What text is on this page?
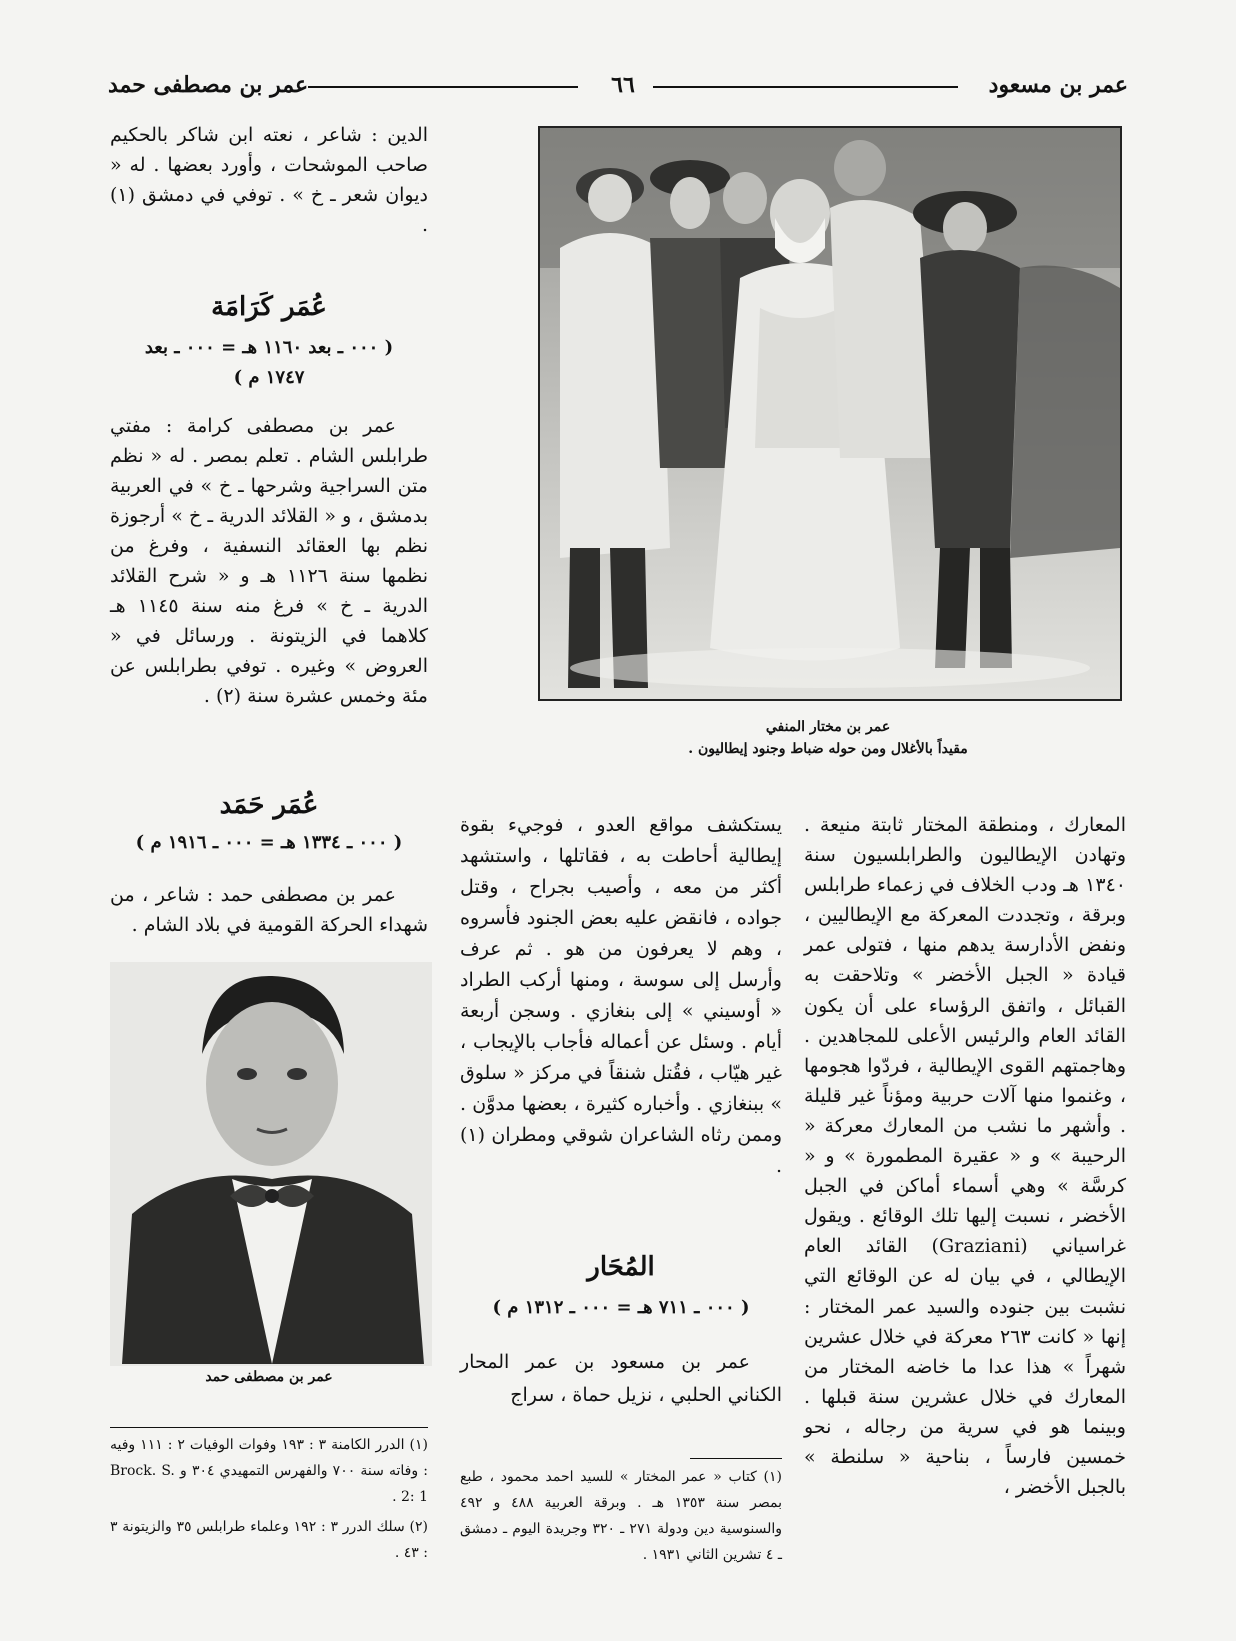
عمر بن مسعود
٦٦
عمر بن مصطفى حمد
الدين : شاعر ، نعته ابن شاكر بالحكيم صاحب الموشحات ، وأورد بعضها . له « ديوان شعر ـ خ » . توفي في دمشق (١) .
عُمَر كَرَامَة
( ٠٠٠ ـ بعد ١١٦٠ هـ = ٠٠٠ ـ بعد
١٧٤٧ م )

عمر بن مصطفى كرامة : مفتي طرابلس الشام . تعلم بمصر . له « نظم متن السراجية وشرحها ـ خ » في العربية بدمشق ، و « القلائد الدرية ـ خ » أرجوزة نظم بها العقائد النسفية ، وفرغ من نظمها سنة ١١٢٦ هـ و « شرح القلائد الدرية ـ خ » فرغ منه سنة ١١٤٥ هـ كلاهما في الزيتونة . ورسائل في « العروض » وغيره . توفي بطرابلس عن مئة وخمس عشرة سنة (٢) .

عمر بن مختار المنفي
مقيداً بالأغلال ومن حوله ضباط وجنود إيطاليون .
عُمَر حَمَد
( ٠٠٠ ـ ١٣٣٤ هـ = ٠٠٠ ـ ١٩١٦ م )

عمر بن مصطفى حمد : شاعر ، من شهداء الحركة القومية في بلاد الشام .

عمر بن مصطفى حمد
المعارك ، ومنطقة المختار ثابتة منيعة . وتهادن الإيطاليون والطرابلسيون سنة ١٣٤٠ هـ ودب الخلاف في زعماء طرابلس وبرقة ، وتجددت المعركة مع الإيطاليين ، ونفض الأدارسة يدهم منها ، فتولى عمر قيادة « الجبل الأخضر » وتلاحقت به القبائل ، واتفق الرؤساء على أن يكون القائد العام والرئيس الأعلى للمجاهدين . وهاجمتهم القوى الإيطالية ، فردّوا هجومها ، وغنموا منها آلات حربية ومؤناً غير قليلة . وأشهر ما نشب من المعارك معركة « الرحيبة » و « عقيرة المطمورة » و « كرسَّة » وهي أسماء أماكن في الجبل الأخضر ، نسبت إليها تلك الوقائع . ويقول غراسياني (Graziani) القائد العام الإيطالي ، في بيان له عن الوقائع التي نشبت بين جنوده والسيد عمر المختار : إنها « كانت ٢٦٣ معركة في خلال عشرين شهراً » هذا عدا ما خاضه المختار من المعارك في خلال عشرين سنة قبلها . وبينما هو في سرية من رجاله ، نحو خمسين فارساً ، بناحية « سلنطة » بالجبل الأخضر ،
يستكشف مواقع العدو ، فوجيء بقوة إيطالية أحاطت به ، فقاتلها ، واستشهد أكثر من معه ، وأصيب بجراح ، وقتل جواده ، فانقض عليه بعض الجنود فأسروه ، وهم لا يعرفون من هو . ثم عرف وأرسل إلى سوسة ، ومنها أركب الطراد « أوسيني » إلى بنغازي . وسجن أربعة أيام . وسئل عن أعماله فأجاب بالإيجاب ، غير هيّاب ، فقُتل شنقاً في مركز « سلوق » ببنغازي . وأخباره كثيرة ، بعضها مدوَّن . وممن رثاه الشاعران شوقي ومطران (١) .
المُحَار
( ٠٠٠ ـ ٧١١ هـ = ٠٠٠ ـ ١٣١٢ م )

عمر بن مسعود بن عمر المحار الكناني الحلبي ، نزيل حماة ، سراج

(١) كتاب « عمر المختار » للسيد احمد محمود ، طبع بمصر سنة ١٣٥٣ هـ . وبرقة العربية ٤٨٨ و ٤٩٢ والسنوسية دين ودولة ٢٧١ ـ ٣٢٠ وجريدة اليوم ـ دمشق ـ ٤ تشرين الثاني ١٩٣١ .

(١) الدرر الكامنة ٣ : ١٩٣ وفوات الوفيات ٢ : ١١١ وفيه : وفاته سنة ٧٠٠ والفهرس التمهيدي ٣٠٤ و Brock. S. 2: 1 .

(٢) سلك الدرر ٣ : ١٩٢ وعلماء طرابلس ٣٥ والزيتونة ٣ : ٤٣ .
